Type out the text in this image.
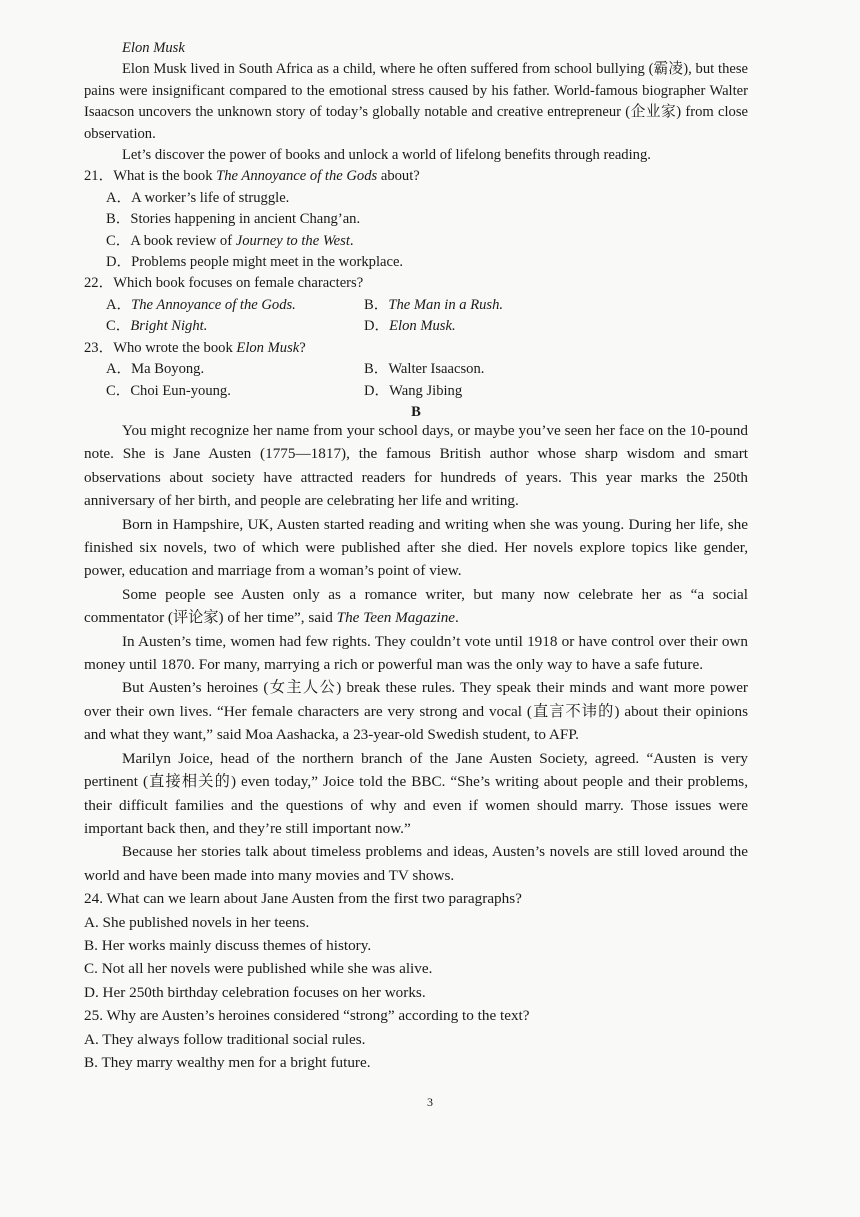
Elon Musk

Elon Musk lived in South Africa as a child, where he often suffered from school bullying (霸凌), but these pains were insignificant compared to the emotional stress caused by his father. World-famous biographer Walter Isaacson uncovers the unknown story of today’s globally notable and creative entrepreneur (企业家) from close observation.

Let’s discover the power of books and unlock a world of lifelong benefits through reading.

21．What is the book The Annoyance of the Gods about?

A．A worker’s life of struggle.

B．Stories happening in ancient Chang’an.

C．A book review of Journey to the West.

D．Problems people might meet in the workplace.

22．Which book focuses on female characters?

A．The Annoyance of the Gods.	B．The Man in a Rush.
C．Bright Night.	D．Elon Musk.

23．Who wrote the book Elon Musk?

A．Ma Boyong.	B．Walter Isaacson.
C．Choi Eun-young.	D．Wang Jibing

B

You might recognize her name from your school days, or maybe you’ve seen her face on the 10-pound note. She is Jane Austen (1775—1817), the famous British author whose sharp wisdom and smart observations about society have attracted readers for hundreds of years. This year marks the 250th anniversary of her birth, and people are celebrating her life and writing.

Born in Hampshire, UK, Austen started reading and writing when she was young. During her life, she finished six novels, two of which were published after she died. Her novels explore topics like gender, power, education and marriage from a woman’s point of view.

Some people see Austen only as a romance writer, but many now celebrate her as “a social commentator (评论家) of her time”, said The Teen Magazine.

In Austen’s time, women had few rights. They couldn’t vote until 1918 or have control over their own money until 1870. For many, marrying a rich or powerful man was the only way to have a safe future.

But Austen’s heroines (女主人公) break these rules. They speak their minds and want more power over their own lives. “Her female characters are very strong and vocal (直言不讳的) about their opinions and what they want,” said Moa Aashacka, a 23-year-old Swedish student, to AFP.

Marilyn Joice, head of the northern branch of the Jane Austen Society, agreed. “Austen is very pertinent (直接相关的) even today,” Joice told the BBC. “She’s writing about people and their problems, their difficult families and the questions of why and even if women should marry. Those issues were important back then, and they’re still important now.”

Because her stories talk about timeless problems and ideas, Austen’s novels are still loved around the world and have been made into many movies and TV shows.

24. What can we learn about Jane Austen from the first two paragraphs?

A. She published novels in her teens.

B. Her works mainly discuss themes of history.

C. Not all her novels were published while she was alive.

D. Her 250th birthday celebration focuses on her works.

25. Why are Austen’s heroines considered “strong” according to the text?

A. They always follow traditional social rules.

B. They marry wealthy men for a bright future.

3
